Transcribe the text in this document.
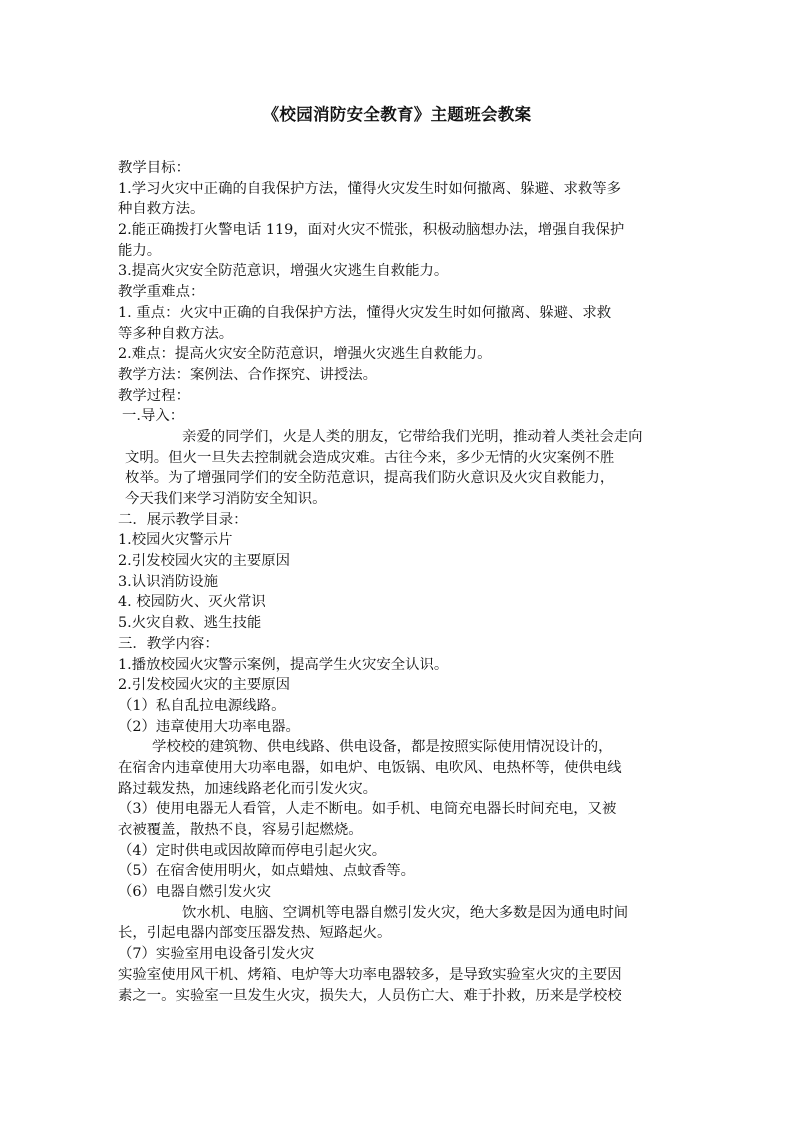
《校园消防安全教育》主题班会教案
教学目标：
1.学习火灾中正确的自我保护方法，懂得火灾发生时如何撤离、躲避、求救等多
种自救方法。
2.能正确拨打火警电话 119，面对火灾不慌张，积极动脑想办法，增强自我保护
能力。
3.提高火灾安全防范意识，增强火灾逃生自救能力。
教学重难点：
1. 重点：火灾中正确的自我保护方法，懂得火灾发生时如何撤离、躲避、求救
等多种自救方法。
2.难点：提高火灾安全防范意识，增强火灾逃生自救能力。
教学方法：案例法、合作探究、讲授法。
教学过程：
一.导入：
亲爱的同学们，火是人类的朋友，它带给我们光明，推动着人类社会走向
文明。但火一旦失去控制就会造成灾难。古往今来，多少无情的火灾案例不胜
枚举。为了增强同学们的安全防范意识，提高我们防火意识及火灾自救能力，
今天我们来学习消防安全知识。
二．展示教学目录：
1.校园火灾警示片
2.引发校园火灾的主要原因
3.认识消防设施
4. 校园防火、灭火常识
5.火灾自救、逃生技能
三．教学内容：
1.播放校园火灾警示案例，提高学生火灾安全认识。
2.引发校园火灾的主要原因
（1）私自乱拉电源线路。
（2）违章使用大功率电器。
学校校的建筑物、供电线路、供电设备，都是按照实际使用情况设计的，
在宿舍内违章使用大功率电器，如电炉、电饭锅、电吹风、电热杯等，使供电线
路过载发热，加速线路老化而引发火灾。
（3）使用电器无人看管，人走不断电。如手机、电筒充电器长时间充电，又被
衣被覆盖，散热不良，容易引起燃烧。
（4）定时供电或因故障而停电引起火灾。
（5）在宿舍使用明火，如点蜡烛、点蚊香等。
（6）电器自燃引发火灾
饮水机、电脑、空调机等电器自燃引发火灾，绝大多数是因为通电时间
长，引起电器内部变压器发热、短路起火。
（7）实验室用电设备引发火灾
实验室使用风干机、烤箱、电炉等大功率电器较多，是导致实验室火灾的主要因
素之一。实验室一旦发生火灾，损失大，人员伤亡大、难于扑救，历来是学校校
